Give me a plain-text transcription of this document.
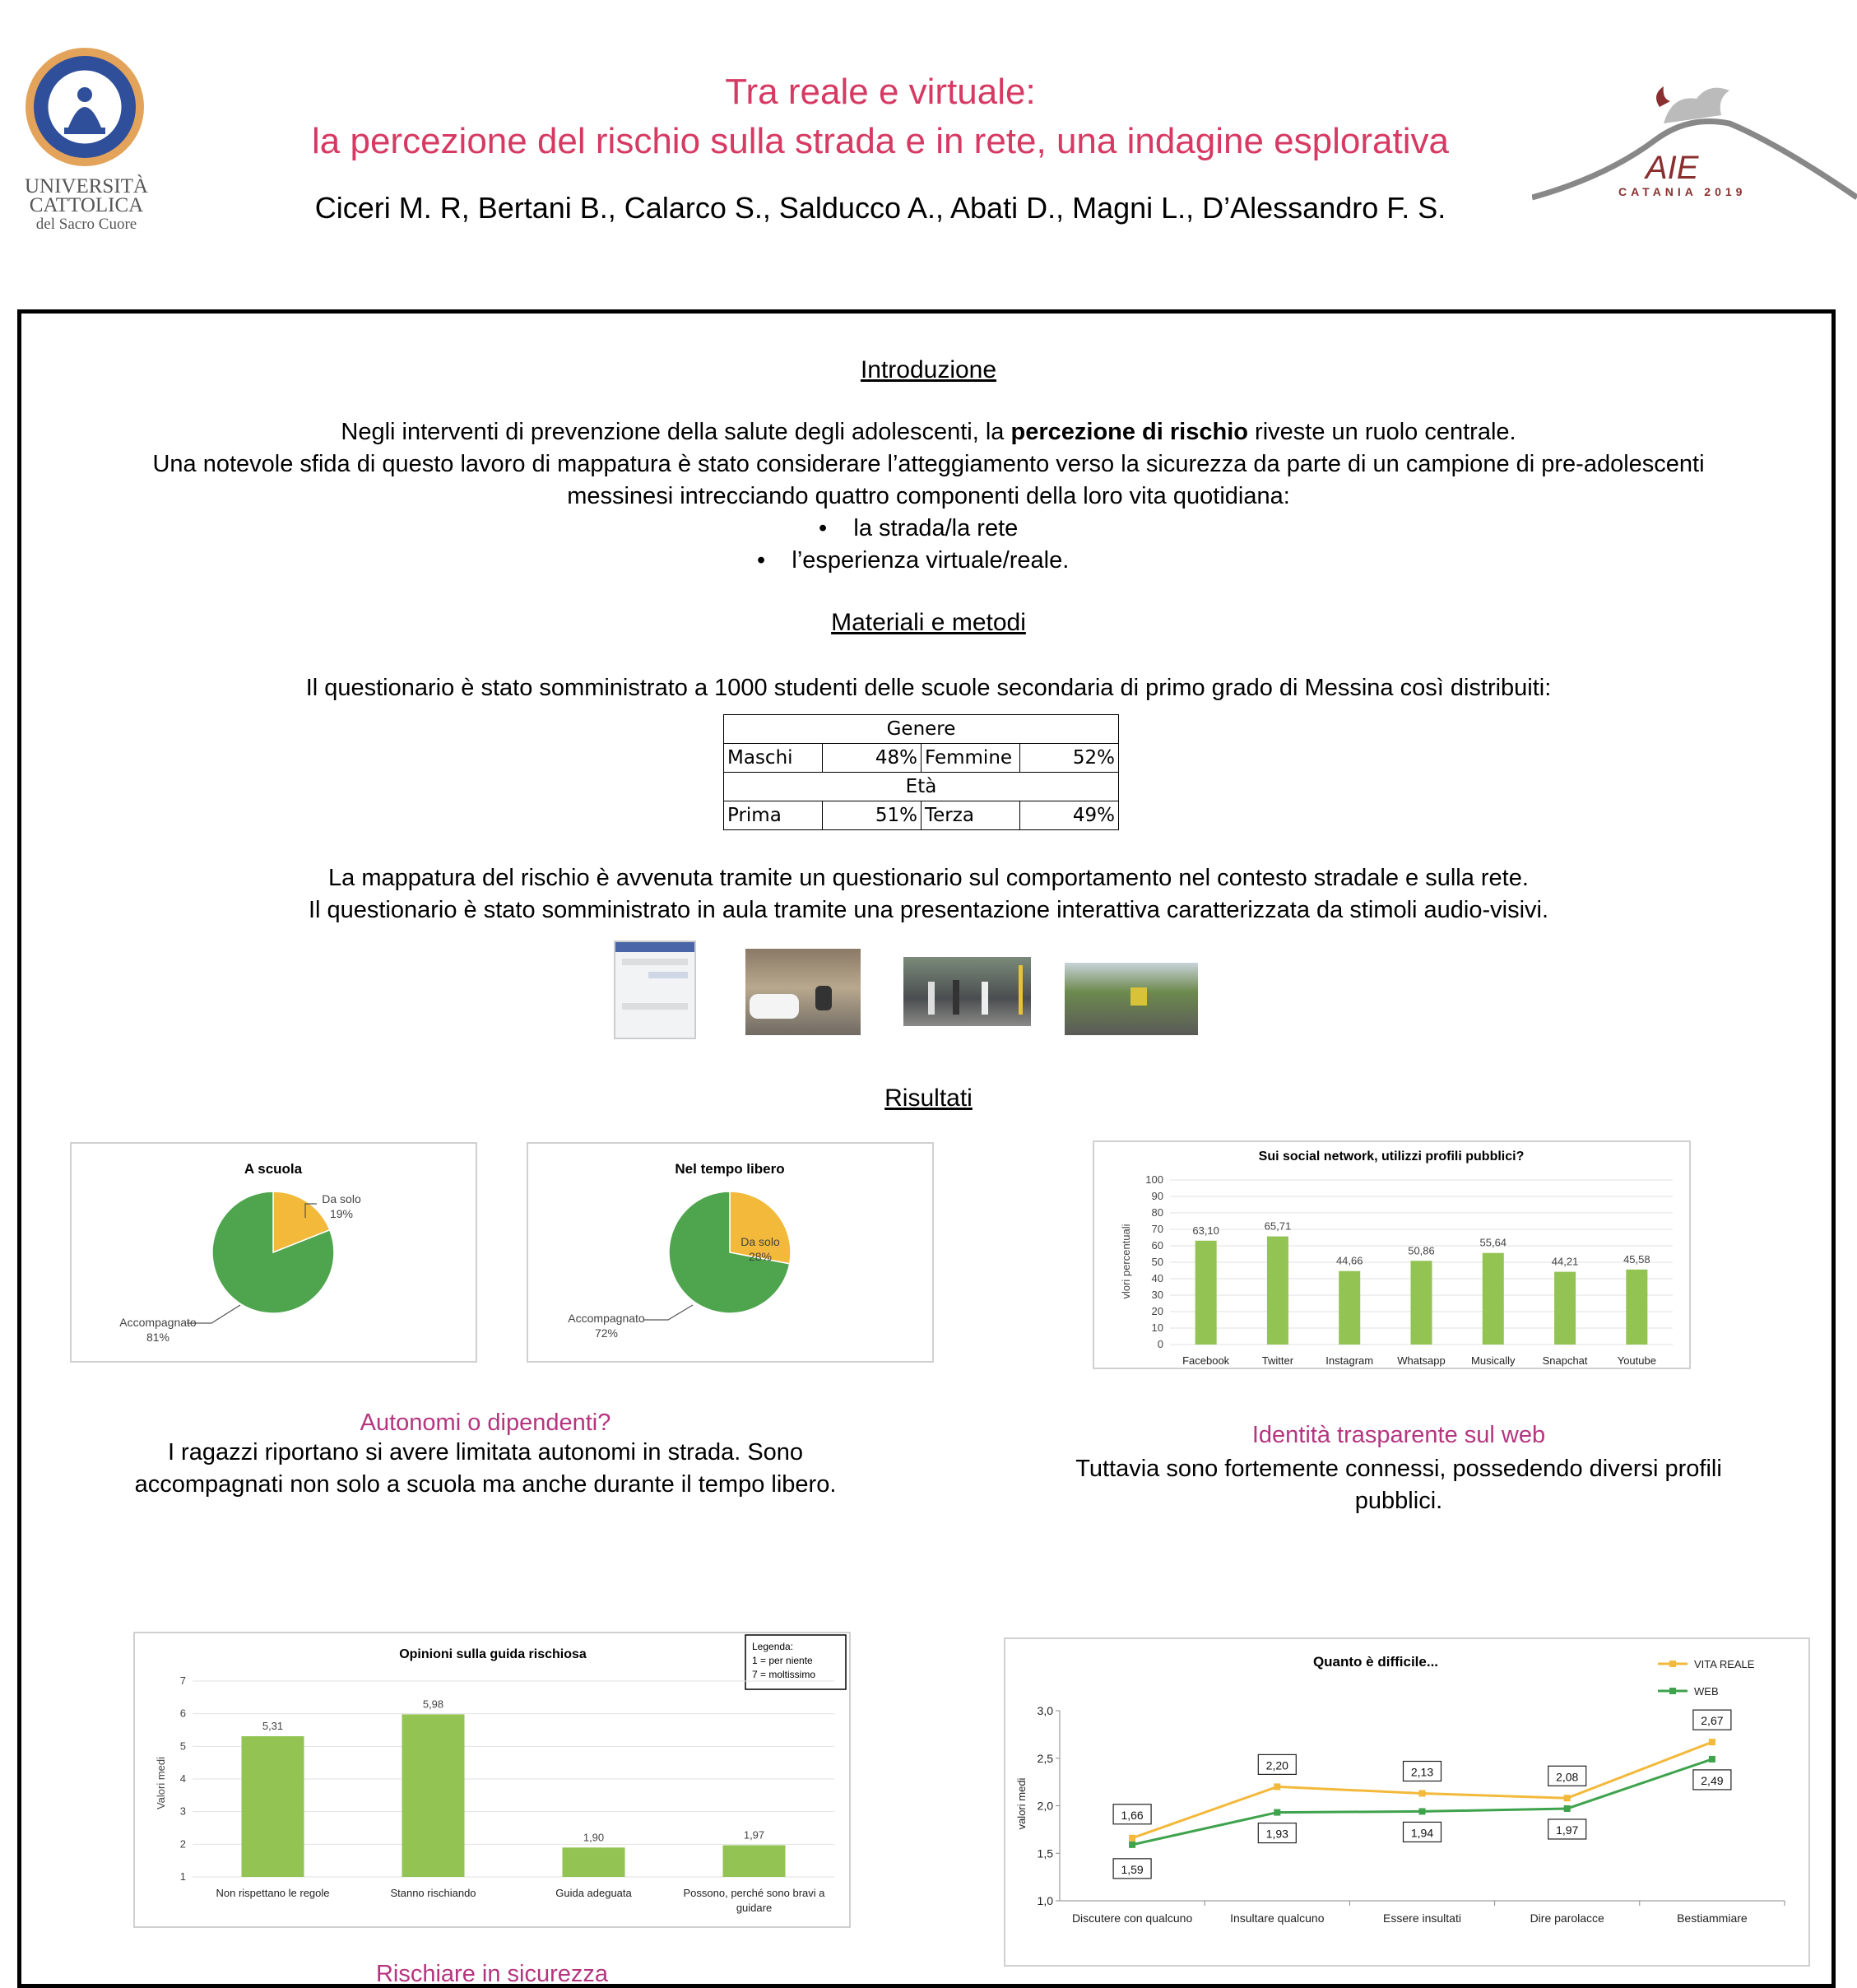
UNIVERSITÀ
CATTOLICA
del Sacro Cuore
Tra reale e virtuale:
la percezione del rischio sulla strada e in rete, una indagine esplorativa
Ciceri M. R, Bertani B., Calarco S., Salducco A., Abati D., Magni L., D’Alessandro F. S.
AIE
CATANIA 2019
Introduzione
Negli interventi di prevenzione della salute degli adolescenti, la percezione di rischio riveste un ruolo centrale.
Una notevole sfida di questo lavoro di mappatura è stato considerare l’atteggiamento verso la sicurezza da parte di un campione di pre-adolescenti
messinesi intrecciando quattro componenti della loro vita quotidiana:
•    la strada/la rete
•    l’esperienza virtuale/reale.
Materiali e metodi
Il questionario è stato somministrato a 1000 studenti delle scuole secondaria di primo grado di Messina così distribuiti:
Genere			
Maschi	48%	Femmine	52%
Età			
Prima	51%	Terza	49%
La mappatura del rischio è avvenuta tramite un questionario sul comportamento nel contesto stradale e sulla rete.
Il questionario è stato somministrato in aula tramite una presentazione interattiva caratterizzata da stimoli audio-visivi.
Risultati
A scuola
Da solo
19%
Accompagnato
81%
Nel tempo libero
Da solo
28%
Accompagnato
72%
Sui social network, utilizzi profili pubblici?
vlori percentuali
0
10
20
30
40
50
60
70
80
90
100
63,10
Facebook
65,71
Twitter
44,66
Instagram
50,86
Whatsapp
55,64
Musically
44,21
Snapchat
45,58
Youtube
Autonomi o dipendenti?
I ragazzi riportano si avere limitata autonomi in strada. Sono accompagnati non solo a scuola ma anche durante il tempo libero.
Identità trasparente sul web
Tuttavia sono fortemente connessi, possedendo diversi profili pubblici.
Opinioni sulla guida rischiosa
Valori medi
Legenda:
1 = per niente
7 = moltissimo
1
2
3
4
5
6
7
5,31
Non rispettano le regole
5,98
Stanno rischiando
1,90
Guida adeguata
1,97
Possono, perché sono bravi a
guidare
Quanto è difficile...
valori medi
1,0
1,5
2,0
2,5
3,0
Discutere con qualcuno	Insultare qualcuno	Essere insultati	Dire parolacce	Bestiammiare
1,66
2,20
2,13	2,08
2,67
VITA REALE
1,59
1,93	1,94	1,97
2,49
WEB
Rischiare in sicurezza
